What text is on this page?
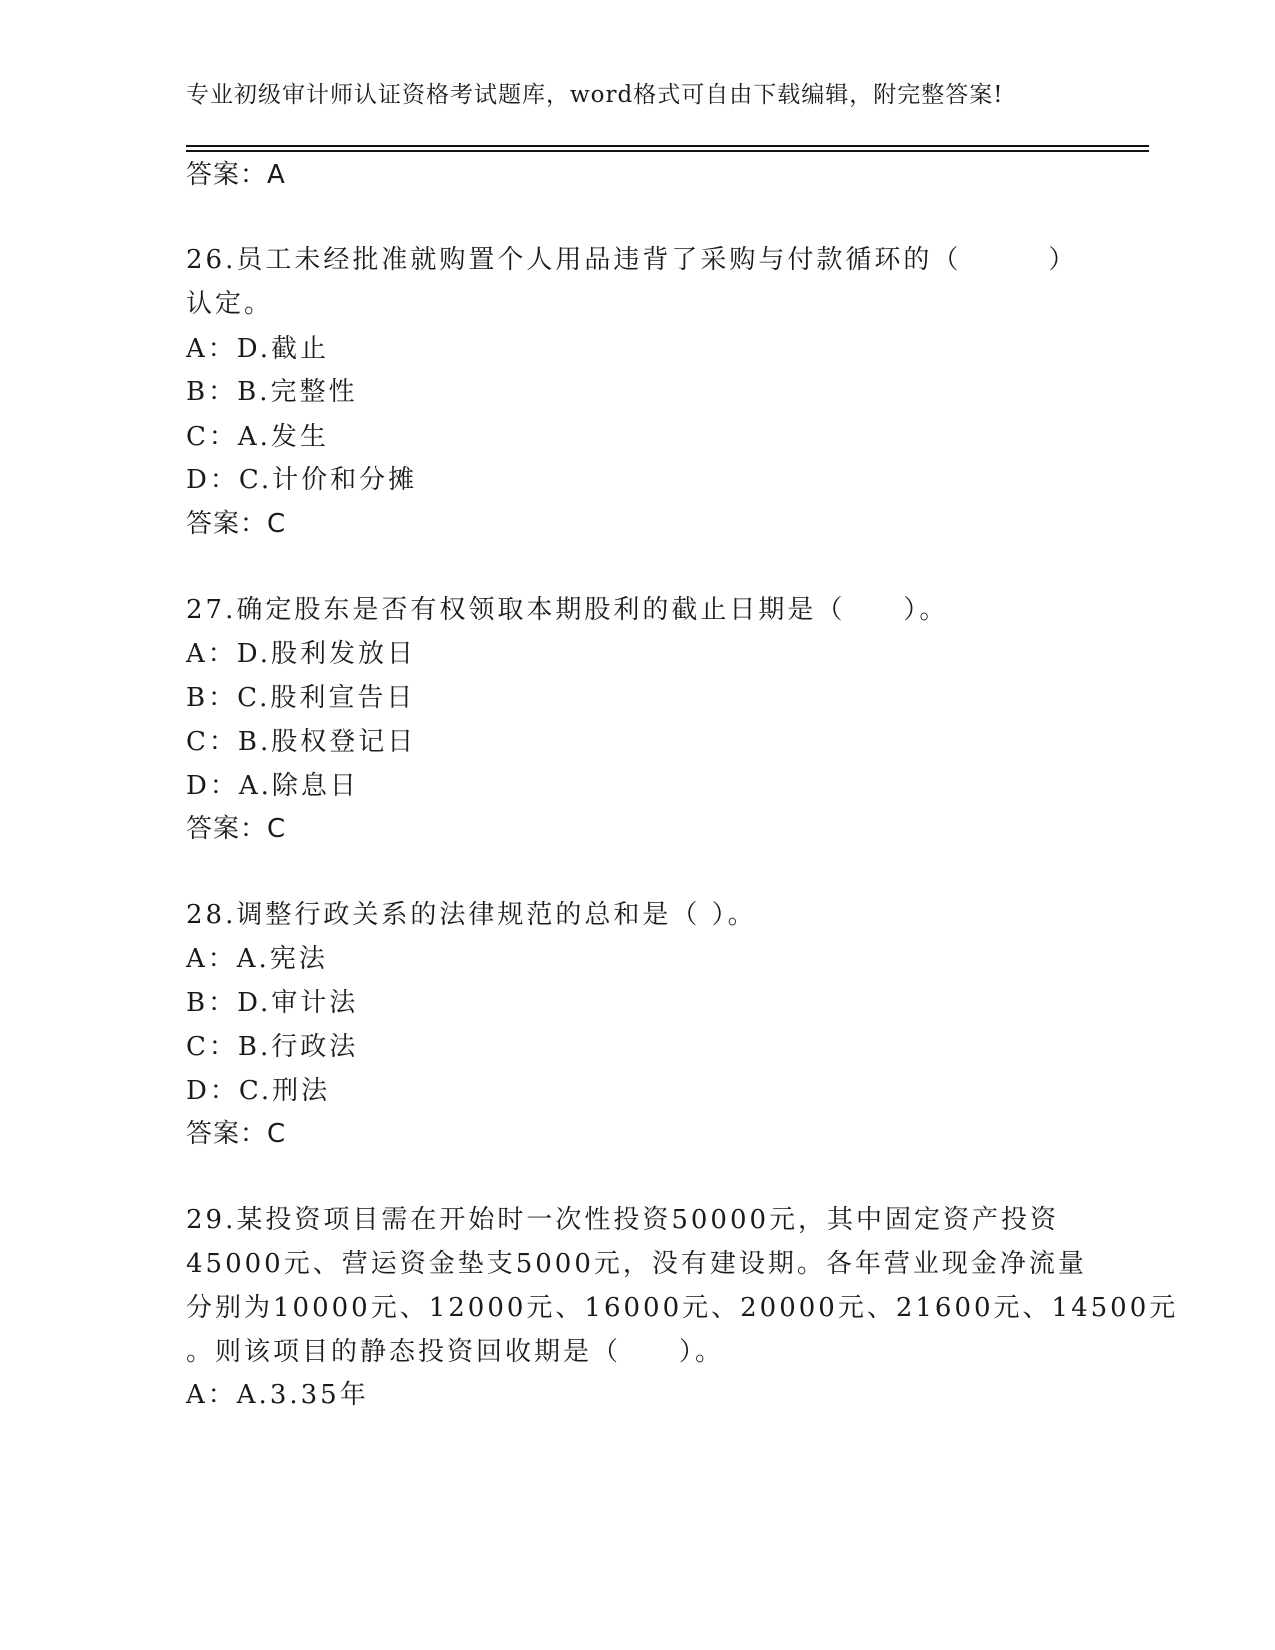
专业初级审计师认证资格考试题库，word格式可自由下载编辑，附完整答案!
答案：A
26.员工未经批准就购置个人用品违背了采购与付款循环的（　　　）
认定。
A：D.截止
B：B.完整性
C：A.发生
D：C.计价和分摊
答案：C
27.确定股东是否有权领取本期股利的截止日期是（　　）。
A：D.股利发放日
B：C.股利宣告日
C：B.股权登记日
D：A.除息日
答案：C
28.调整行政关系的法律规范的总和是（ ）。
A：A.宪法
B：D.审计法
C：B.行政法
D：C.刑法
答案：C
29.某投资项目需在开始时一次性投资50000元，其中固定资产投资
45000元、营运资金垫支5000元，没有建设期。各年营业现金净流量
分别为10000元、12000元、16000元、20000元、21600元、14500元
。则该项目的静态投资回收期是（　　）。
A：A.3.35年
